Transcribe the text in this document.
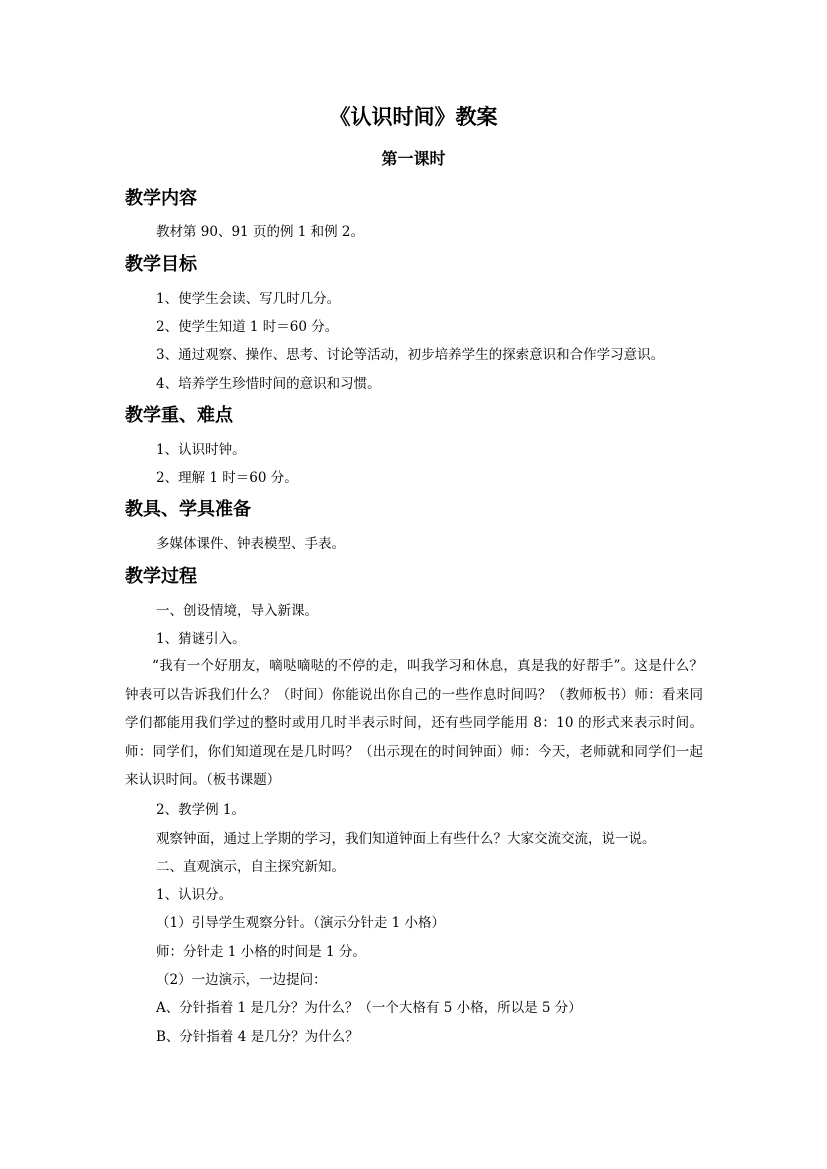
《认识时间》教案
第一课时
教学内容
教材第 90、91 页的例 1 和例 2。
教学目标
1、使学生会读、写几时几分。
2、使学生知道 1 时＝60 分。
3、通过观察、操作、思考、讨论等活动，初步培养学生的探索意识和合作学习意识。
4、培养学生珍惜时间的意识和习惯。
教学重、难点
1、认识时钟。
2、理解 1 时＝60 分。
教具、学具准备
多媒体课件、钟表模型、手表。
教学过程
一、创设情境，导入新课。
1、猜谜引入。
“我有一个好朋友，嘀哒嘀哒的不停的走，叫我学习和休息，真是我的好帮手”。这是什么？钟表可以告诉我们什么？（时间）你能说出你自己的一些作息时间吗？（教师板书）师：看来同学们都能用我们学过的整时或用几时半表示时间，还有些同学能用 8：10 的形式来表示时间。师：同学们，你们知道现在是几时吗？（出示现在的时间钟面）师：今天，老师就和同学们一起来认识时间。（板书课题）
2、教学例 1。
观察钟面，通过上学期的学习，我们知道钟面上有些什么？大家交流交流，说一说。
二、直观演示，自主探究新知。
1、认识分。
（1）引导学生观察分针。（演示分针走 1 小格）
师：分针走 1 小格的时间是 1 分。
（2）一边演示，一边提问：
A、分针指着 1 是几分？为什么？（一个大格有 5 小格，所以是 5 分）
B、分针指着 4 是几分？为什么？
